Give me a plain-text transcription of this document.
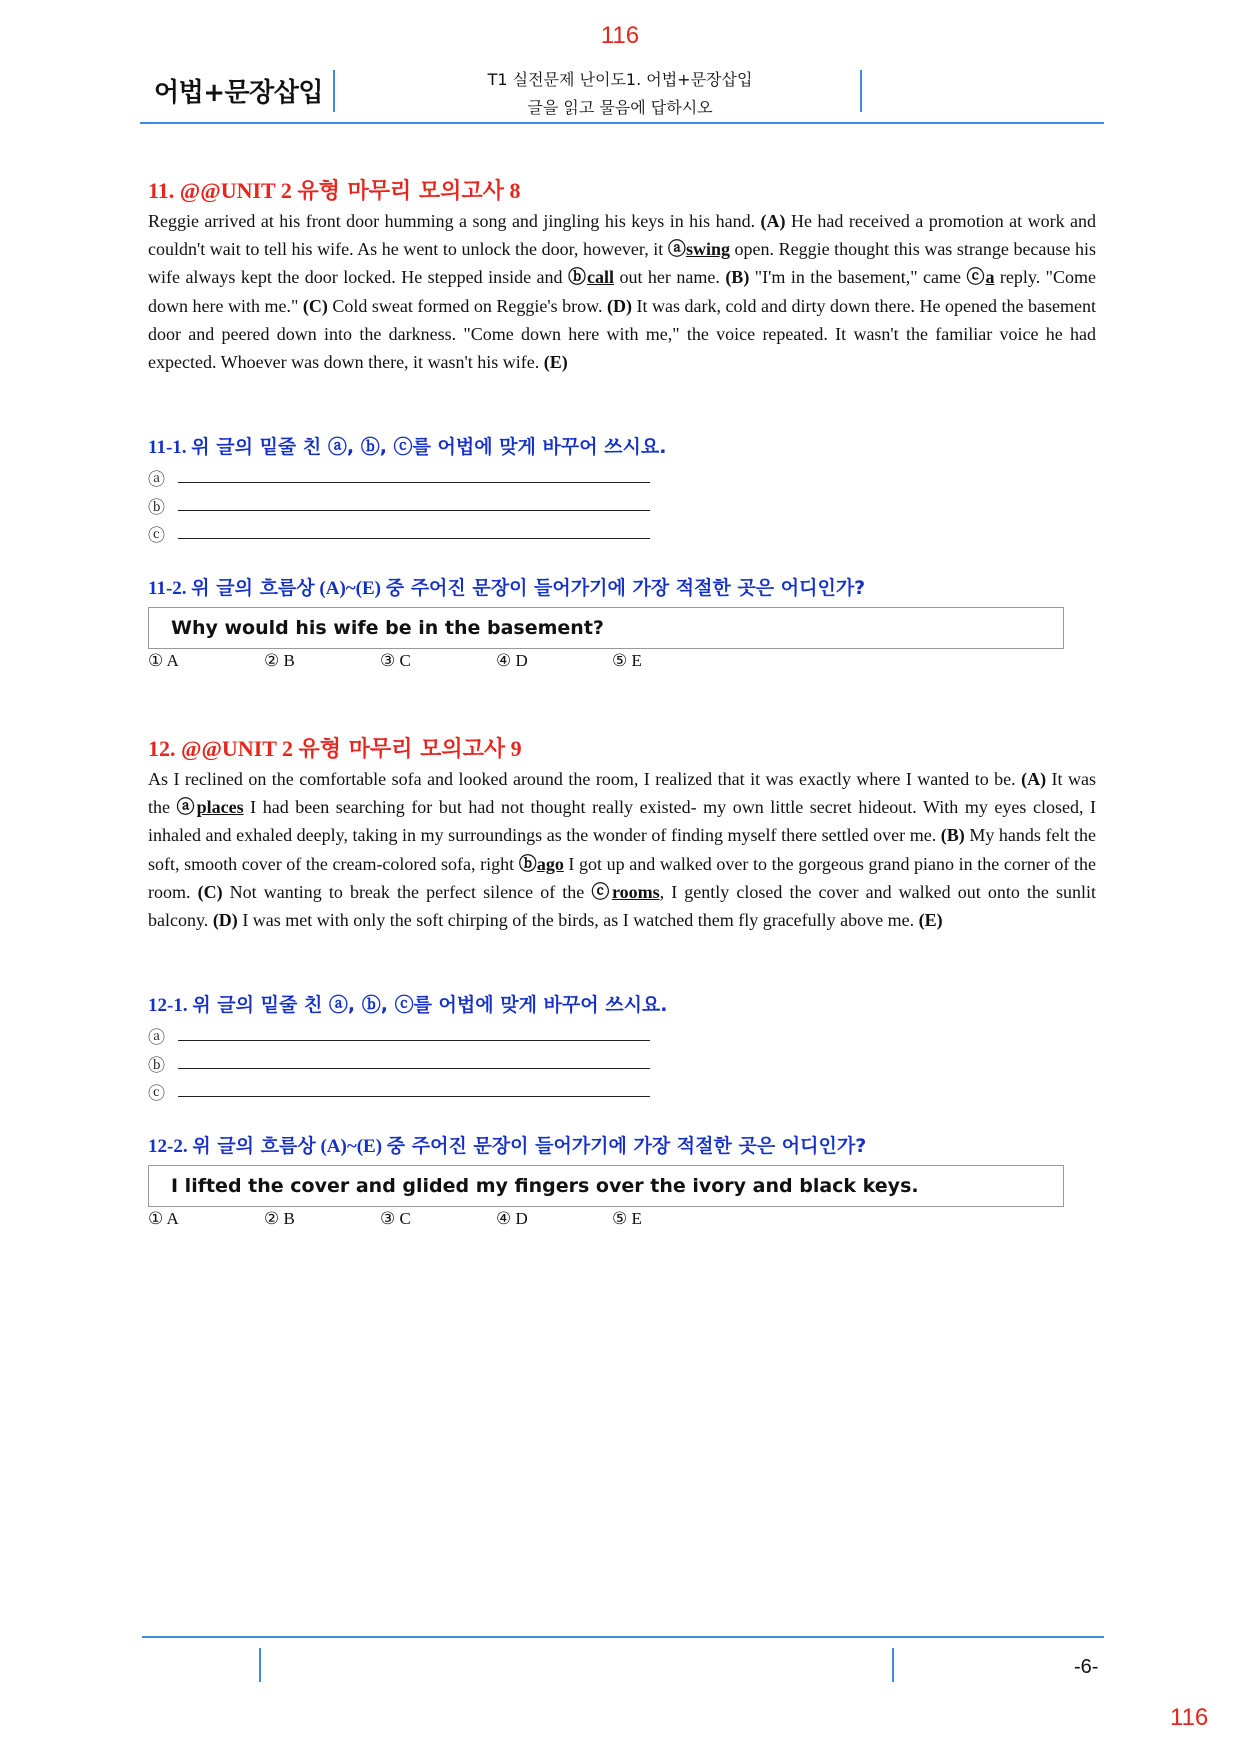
116
어법+문장삽입	T1 실전문제 난이도1. 어법+문장삽입
글을 읽고 물음에 답하시오
11. @@UNIT 2 유형 마무리 모의고사 8
Reggie arrived at his front door humming a song and jingling his keys in his hand. (A) He had received a promotion at work and couldn't wait to tell his wife. As he went to unlock the door, however, it ⓐswing open. Reggie thought this was strange because his wife always kept the door locked. He stepped inside and ⓑcall out her name. (B) "I'm in the basement," came ⓒa reply. "Come down here with me." (C) Cold sweat formed on Reggie's brow. (D) It was dark, cold and dirty down there. He opened the basement door and peered down into the darkness. "Come down here with me," the voice repeated. It wasn't the familiar voice he had expected. Whoever was down there, it wasn't his wife. (E)
11-1. 위 글의 밑줄 친 ⓐ, ⓑ, ⓒ를 어법에 맞게 바꾸어 쓰시요.
ⓐ
ⓑ
ⓒ
11-2. 위 글의 흐름상 (A)~(E) 중 주어진 문장이 들어가기에 가장 적절한 곳은 어디인가?
Why would his wife be in the basement?
① A	② B	③ C	④ D	⑤ E
12. @@UNIT 2 유형 마무리 모의고사 9
As I reclined on the comfortable sofa and looked around the room, I realized that it was exactly where I wanted to be. (A) It was the ⓐplaces I had been searching for but had not thought really existed- my own little secret hideout. With my eyes closed, I inhaled and exhaled deeply, taking in my surroundings as the wonder of finding myself there settled over me. (B) My hands felt the soft, smooth cover of the cream-colored sofa, right ⓑago I got up and walked over to the gorgeous grand piano in the corner of the room. (C) Not wanting to break the perfect silence of the ⓒrooms, I gently closed the cover and walked out onto the sunlit balcony. (D) I was met with only the soft chirping of the birds, as I watched them fly gracefully above me. (E)
12-1. 위 글의 밑줄 친 ⓐ, ⓑ, ⓒ를 어법에 맞게 바꾸어 쓰시요.
ⓐ
ⓑ
ⓒ
12-2. 위 글의 흐름상 (A)~(E) 중 주어진 문장이 들어가기에 가장 적절한 곳은 어디인가?
I lifted the cover and glided my fingers over the ivory and black keys.
① A	② B	③ C	④ D	⑤ E
-6-
116
